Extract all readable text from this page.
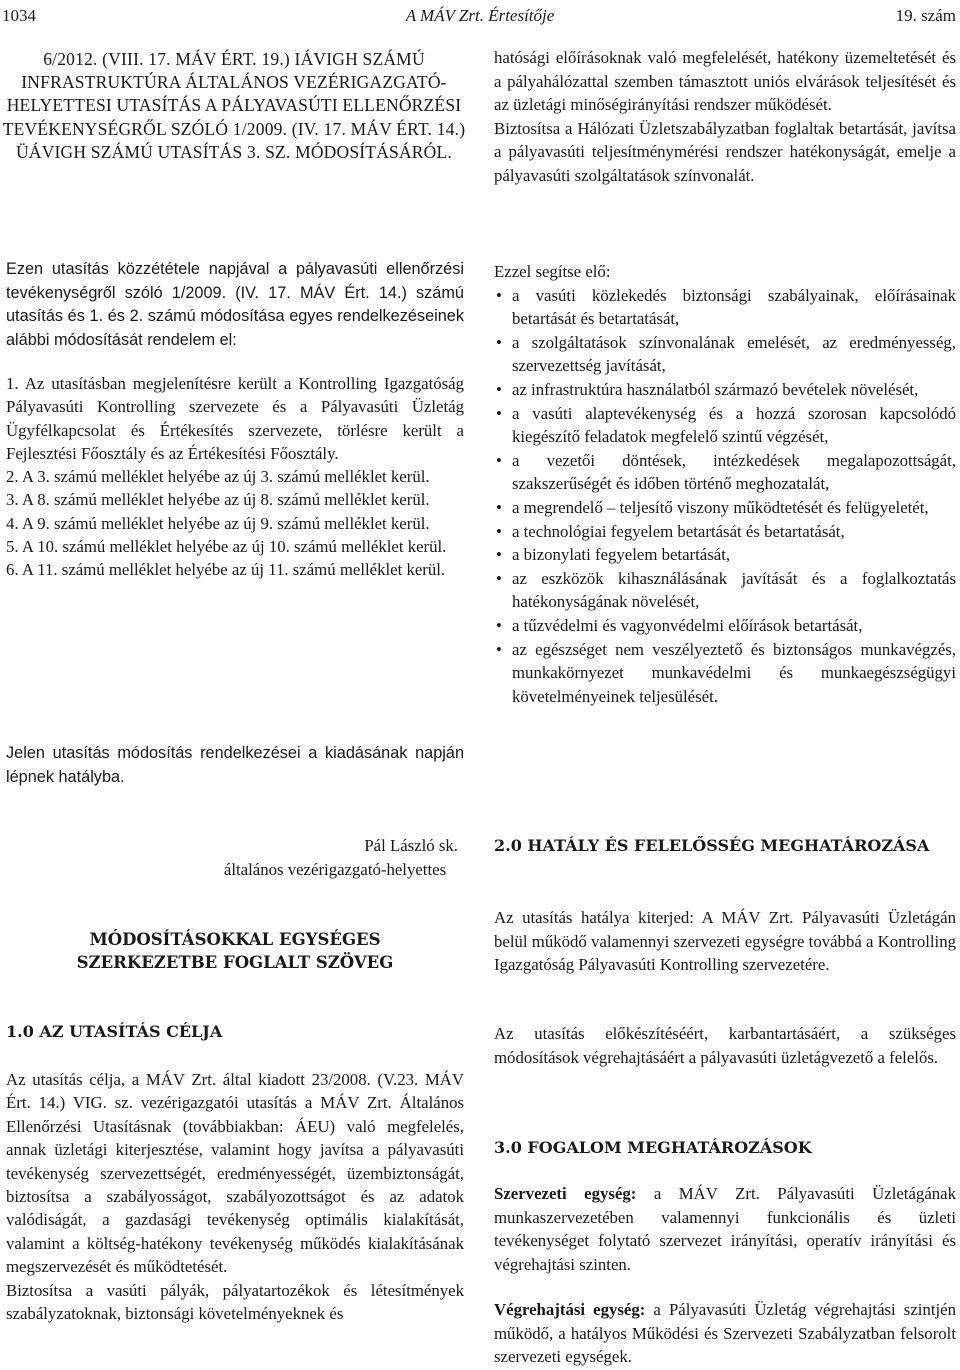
1034	A MÁV Zrt. Értesítője	19. szám
6/2012. (VIII. 17. MÁV ÉRT. 19.) IÁVIGH SZÁMÚ INFRASTRUKTÚRA ÁLTALÁNOS VEZÉRIGAZGATÓ-HELYETTESI UTASÍTÁS A PÁLYAVASÚTI ELLENŐRZÉSI TEVÉKENYSÉGRŐL SZÓLÓ 1/2009. (IV. 17. MÁV ÉRT. 14.) ÜÁVIGH SZÁMÚ UTASÍTÁS 3. SZ. MÓDOSÍTÁSÁRÓL.

Ezen utasítás közzététele napjával a pályavasúti ellenőrzési tevékenységről szóló 1/2009. (IV. 17. MÁV Ért. 14.) számú utasítás és 1. és 2. számú módosítása egyes rendelkezéseinek alábbi módosítását rendelem el:

1. Az utasításban megjelenítésre került a Kontrolling Igazgatóság Pályavasúti Kontrolling szervezete és a Pályavasúti Üzletág Ügyfélkapcsolat és Értékesítés szervezete, törlésre került a Fejlesztési Főosztály és az Értékesítési Főosztály.

2. A 3. számú melléklet helyébe az új 3. számú melléklet kerül.

3. A 8. számú melléklet helyébe az új 8. számú melléklet kerül.

4. A 9. számú melléklet helyébe az új 9. számú melléklet kerül.

5. A 10. számú melléklet helyébe az új 10. számú melléklet kerül.

6. A 11. számú melléklet helyébe az új 11. számú melléklet kerül.

Jelen utasítás módosítás rendelkezései a kiadásának napján lépnek hatályba.

Pál László sk.

általános vezérigazgató-helyettes

MÓDOSÍTÁSOKKAL EGYSÉGES SZERKEZETBE FOGLALT SZÖVEG
1.0 AZ UTASÍTÁS CÉLJA

Az utasítás célja, a MÁV Zrt. által kiadott 23/2008. (V.23. MÁV Ért. 14.) VIG. sz. vezérigazgatói utasítás a MÁV Zrt. Általános Ellenőrzési Utasításnak (továbbiakban: ÁEU) való megfelelés, annak üzletági kiterjesztése, valamint hogy javítsa a pályavasúti tevékenység szervezettségét, eredményességét, üzembiztonságát, biztosítsa a szabályosságot, szabályozottságot és az adatok valódiságát, a gazdasági tevékenység optimális kialakítását, valamint a költség-hatékony tevékenység működés kialakításának megszervezését és működtetését.

Biztosítsa a vasúti pályák, pályatartozékok és létesítmények szabályzatoknak, biztonsági követelményeknek és

hatósági előírásoknak való megfelelését, hatékony üzemeltetését és a pályahálózattal szemben támasztott uniós elvárások teljesítését és az üzletági minőségirányítási rendszer működését.

Biztosítsa a Hálózati Üzletszabályzatban foglaltak betartását, javítsa a pályavasúti teljesítménymérési rendszer hatékonyságát, emelje a pályavasúti szolgáltatások színvonalát.

Ezzel segítse elő:

• a vasúti közlekedés biztonsági szabályainak, előírásainak betartását és betartatását,
• a szolgáltatások színvonalának emelését, az eredményesség, szervezettség javítását,
• az infrastruktúra használatból származó bevételek növelését,
• a vasúti alaptevékenység és a hozzá szorosan kapcsolódó kiegészítő feladatok megfelelő szintű végzését,
• a vezetői döntések, intézkedések megalapozottságát, szakszerűségét és időben történő meghozatalát,
• a megrendelő – teljesítő viszony működtetését és felügyeletét,
• a technológiai fegyelem betartását és betartatását,
• a bizonylati fegyelem betartását,
• az eszközök kihasználásának javítását és a foglalkoztatás hatékonyságának növelését,
• a tűzvédelmi és vagyonvédelmi előírások betartását,
• az egészséget nem veszélyeztető és biztonságos munkavégzés, munkakörnyezet munkavédelmi és munkaegészségügyi követelményeinek teljesülését.
2.0 HATÁLY ÉS FELELŐSSÉG MEGHATÁROZÁSA

Az utasítás hatálya kiterjed: A MÁV Zrt. Pályavasúti Üzletágán belül működő valamennyi szervezeti egységre továbbá a Kontrolling Igazgatóság Pályavasúti Kontrolling szervezetére.

Az utasítás előkészítéséért, karbantartásáért, a szükséges módosítások végrehajtásáért a pályavasúti üzletágvezető a felelős.

3.0 FOGALOM MEGHATÁROZÁSOK

Szervezeti egység: a MÁV Zrt. Pályavasúti Üzletágának munkaszervezetében valamennyi funkcionális és üzleti tevékenységet folytató szervezet irányítási, operatív irányítási és végrehajtási szinten.

Végrehajtási egység: a Pályavasúti Üzletág végrehajtási szintjén működő, a hatályos Működési és Szervezeti Szabályzatban felsorolt szervezeti egységek.
